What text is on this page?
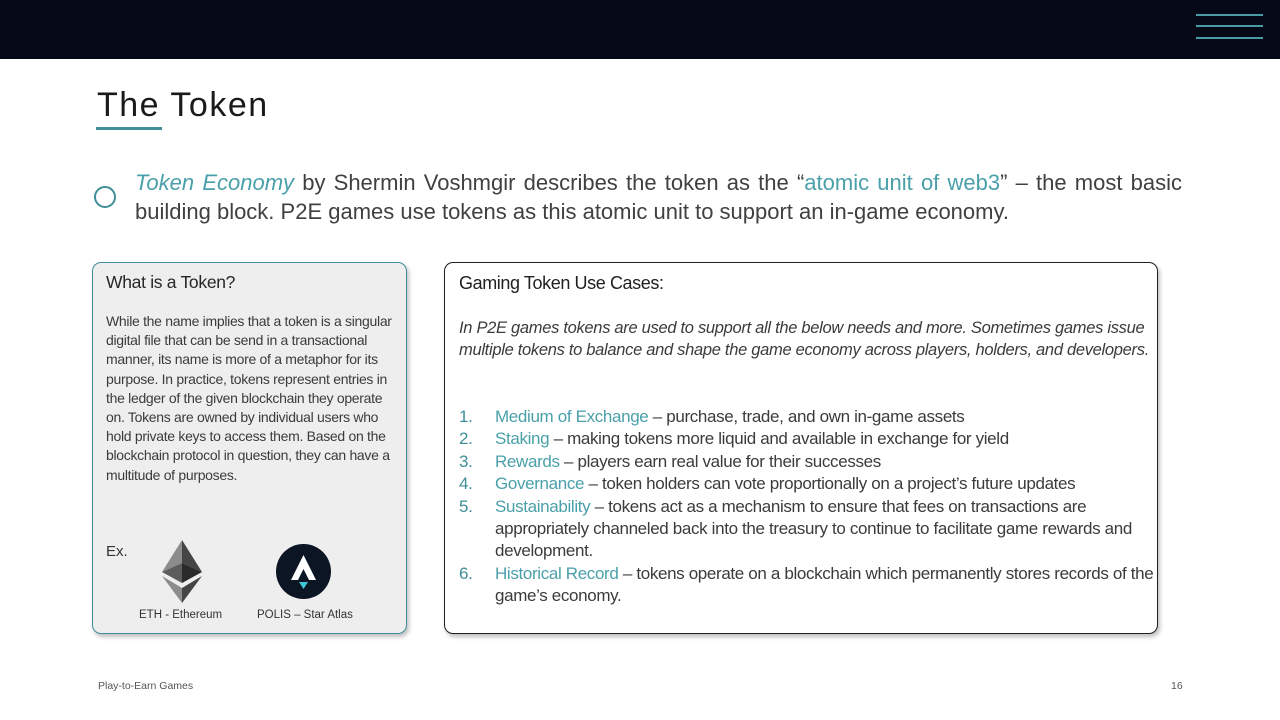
The Token

Token Economy by Shermin Voshmgir describes the token as the “atomic unit of web3” – the most basic building block. P2E games use tokens as this atomic unit to support an in-game economy.

What is a Token?

While the name implies that a token is a singular digital file that can be send in a transactional manner, its name is more of a metaphor for its purpose. In practice, tokens represent entries in the ledger of the given blockchain they operate on. Tokens are owned by individual users who hold private keys to access them. Based on the blockchain protocol in question, they can have a multitude of purposes.

Ex.
ETH - Ethereum	POLIS – Star Atlas
Gaming Token Use Cases:

In P2E games tokens are used to support all the below needs and more. Sometimes games issue multiple tokens to balance and shape the game economy across players, holders, and developers.

1. Medium of Exchange – purchase, trade, and own in-game assets
2. Staking – making tokens more liquid and available in exchange for yield
3. Rewards – players earn real value for their successes
4. Governance – token holders can vote proportionally on a project’s future updates
5. Sustainability – tokens act as a mechanism to ensure that fees on transactions are appropriately channeled back into the treasury to continue to facilitate game rewards and development.
6. Historical Record – tokens operate on a blockchain which permanently stores records of the game’s economy.
Play-to-Earn Games	16
